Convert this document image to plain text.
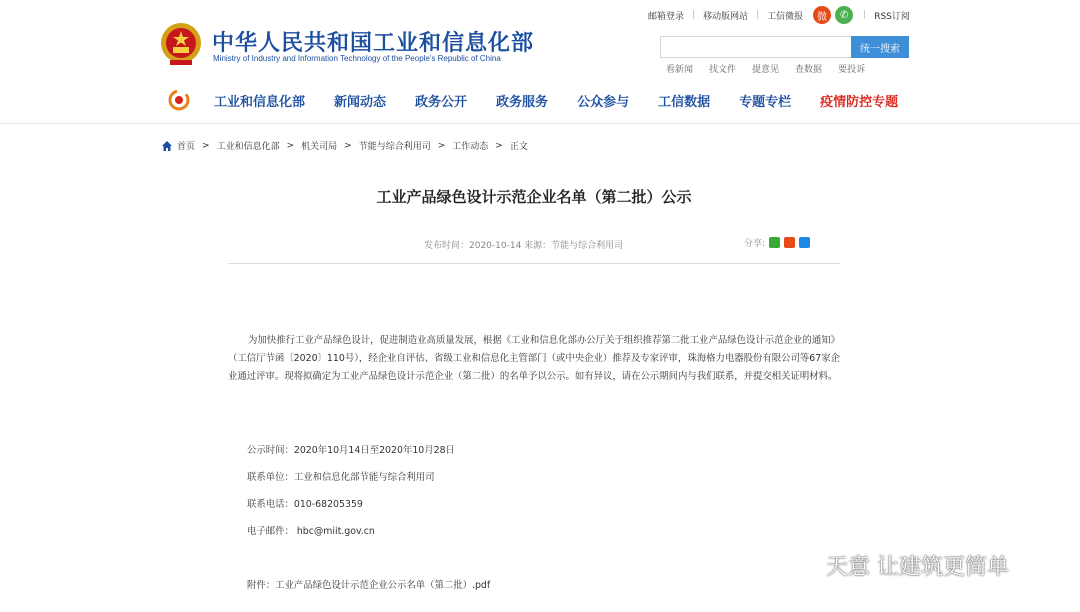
中华人民共和国工业和信息化部
Ministry of Industry and Information Technology of the People's Republic of China
邮箱登录 | 移动版网站 | 工信微报	微	✆	| RSS订阅
统一搜索
看新闻 找文件 提意见 查数据 要投诉
工业和信息化部 新闻动态 政务公开 政务服务 公众参与 工信数据 专题专栏 疫情防控专题
首页 > 工业和信息化部 > 机关司局 > 节能与综合利用司 > 工作动态 > 正文
工业产品绿色设计示范企业名单（第二批）公示
发布时间：2020-10-14 来源：节能与综合利用司	分享:
为加快推行工业产品绿色设计，促进制造业高质量发展，根据《工业和信息化部办公厅关于组织推荐第二批工业产品绿色设计示范企业的通知》（工信厅节函〔2020〕110号），经企业自评估、省级工业和信息化主管部门（或中央企业）推荐及专家评审，珠海格力电器股份有限公司等67家企业通过评审。现将拟确定为工业产品绿色设计示范企业（第二批）的名单予以公示。如有异议，请在公示期间内与我们联系，并提交相关证明材料。
公示时间：2020年10月14日至2020年10月28日
联系单位：工业和信息化部节能与综合利用司
联系电话：010-68205359
电子邮件： hbc@miit.gov.cn
附件：工业产品绿色设计示范企业公示名单（第二批）.pdf
天意 让建筑更简单
